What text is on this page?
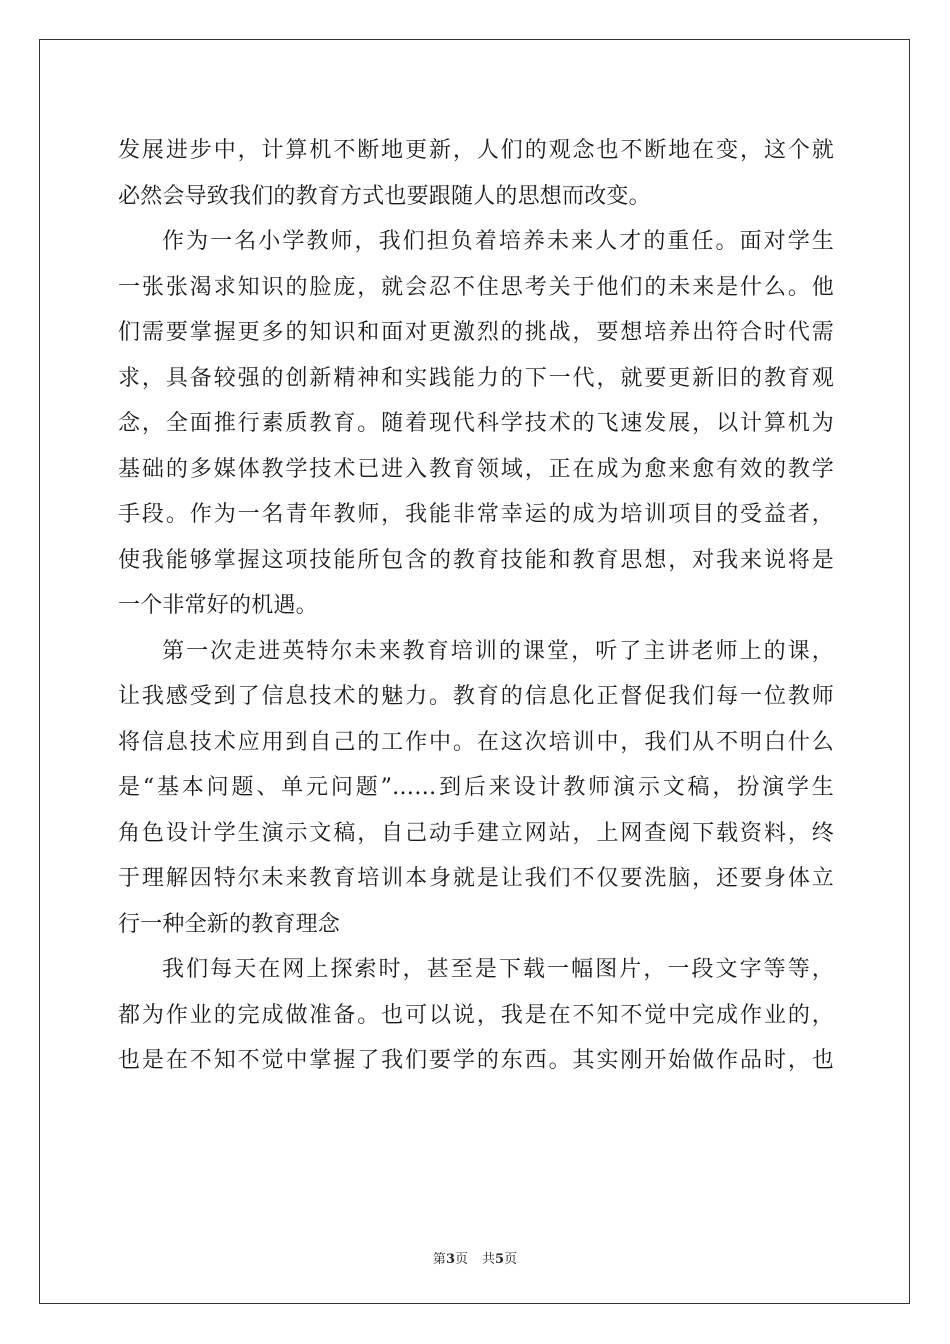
发展进步中，计算机不断地更新，人们的观念也不断地在变，这个就
必然会导致我们的教育方式也要跟随人的思想而改变。
作为一名小学教师，我们担负着培养未来人才的重任。面对学生
一张张渴求知识的脸庞，就会忍不住思考关于他们的未来是什么。他
们需要掌握更多的知识和面对更激烈的挑战，要想培养出符合时代需
求，具备较强的创新精神和实践能力的下一代，就要更新旧的教育观
念，全面推行素质教育。随着现代科学技术的飞速发展，以计算机为
基础的多媒体教学技术已进入教育领域，正在成为愈来愈有效的教学
手段。作为一名青年教师，我能非常幸运的成为培训项目的受益者，
使我能够掌握这项技能所包含的教育技能和教育思想，对我来说将是
一个非常好的机遇。
第一次走进英特尔未来教育培训的课堂，听了主讲老师上的课，
让我感受到了信息技术的魅力。教育的信息化正督促我们每一位教师
将信息技术应用到自己的工作中。在这次培训中，我们从不明白什么
是“基本问题、单元问题”……到后来设计教师演示文稿，扮演学生
角色设计学生演示文稿，自己动手建立网站，上网查阅下载资料，终
于理解因特尔未来教育培训本身就是让我们不仅要洗脑，还要身体立
行一种全新的教育理念
我们每天在网上探索时，甚至是下载一幅图片，一段文字等等，
都为作业的完成做准备。也可以说，我是在不知不觉中完成作业的，
也是在不知不觉中掌握了我们要学的东西。其实刚开始做作品时，也
第3页 共5页
